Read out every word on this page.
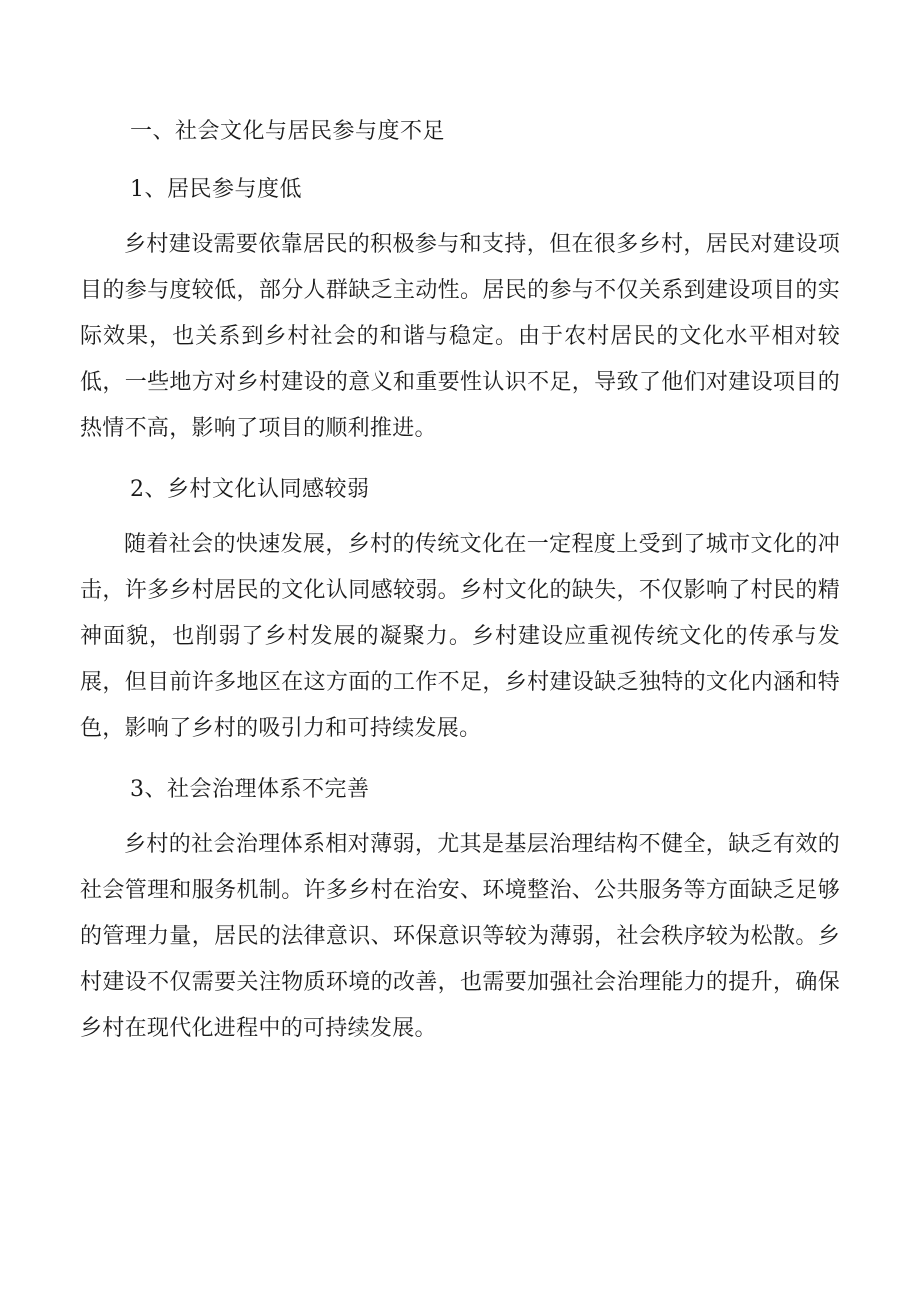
一、社会文化与居民参与度不足
1、居民参与度低

乡村建设需要依靠居民的积极参与和支持，但在很多乡村，居民对建设项目的参与度较低，部分人群缺乏主动性。居民的参与不仅关系到建设项目的实际效果，也关系到乡村社会的和谐与稳定。由于农村居民的文化水平相对较低，一些地方对乡村建设的意义和重要性认识不足，导致了他们对建设项目的热情不高，影响了项目的顺利推进。

2、乡村文化认同感较弱

随着社会的快速发展，乡村的传统文化在一定程度上受到了城市文化的冲击，许多乡村居民的文化认同感较弱。乡村文化的缺失，不仅影响了村民的精神面貌，也削弱了乡村发展的凝聚力。乡村建设应重视传统文化的传承与发展，但目前许多地区在这方面的工作不足，乡村建设缺乏独特的文化内涵和特色，影响了乡村的吸引力和可持续发展。

3、社会治理体系不完善

乡村的社会治理体系相对薄弱，尤其是基层治理结构不健全，缺乏有效的社会管理和服务机制。许多乡村在治安、环境整治、公共服务等方面缺乏足够的管理力量，居民的法律意识、环保意识等较为薄弱，社会秩序较为松散。乡村建设不仅需要关注物质环境的改善，也需要加强社会治理能力的提升，确保乡村在现代化进程中的可持续发展。
